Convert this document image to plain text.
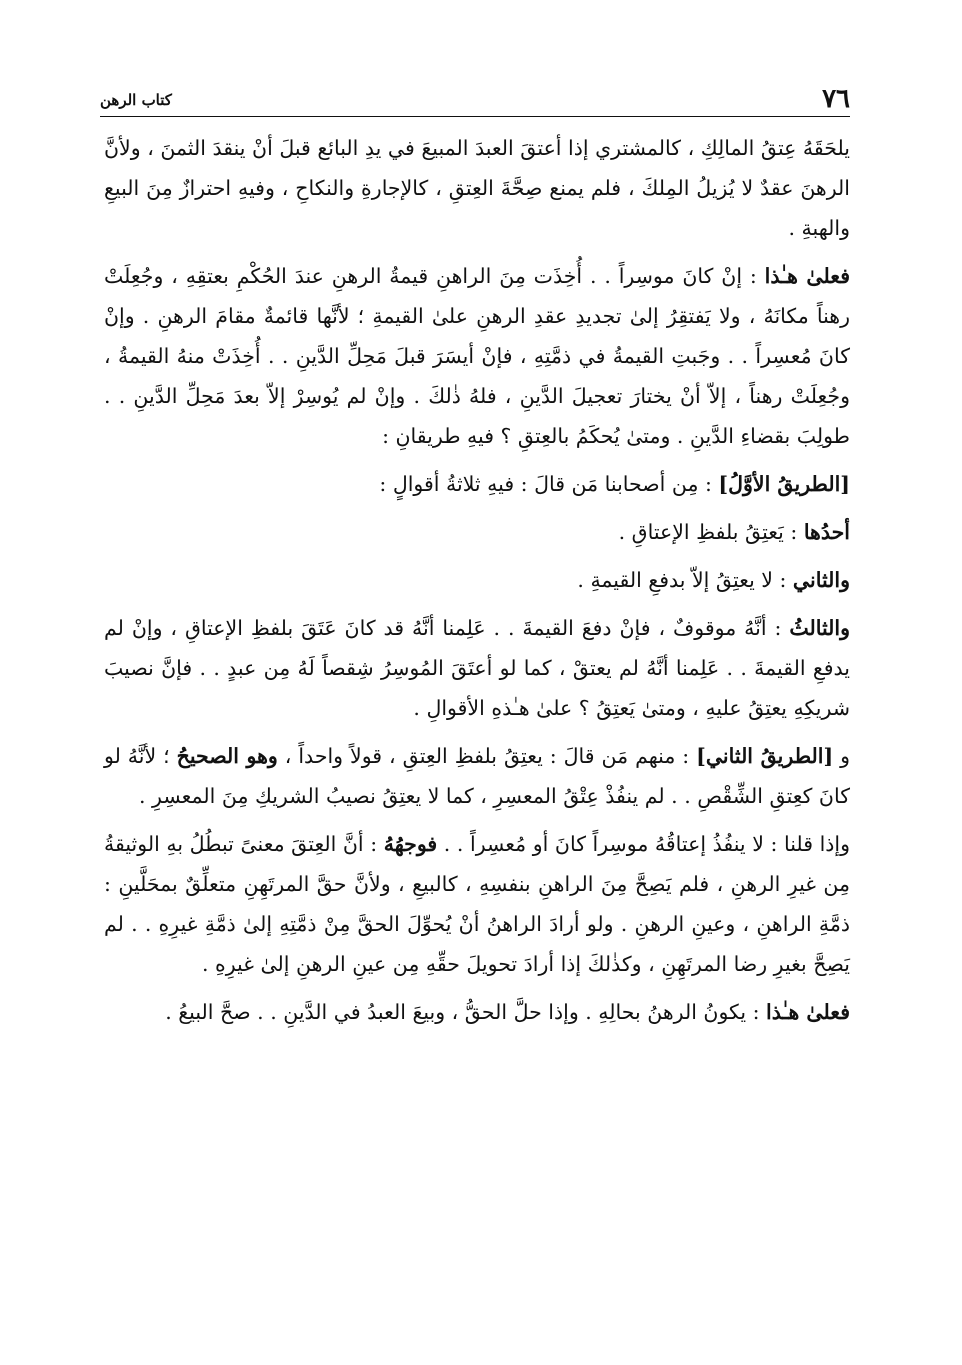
٧٦
كتاب الرهن

يلحَقَهُ عِتقُ المالِكِ ، كالمشتري إذا أعتقَ العبدَ المبيعَ في يدِ البائع قبلَ أنْ ينقدَ الثمنَ ، ولأنَّ الرهنَ عقدٌ لا يُزيلُ المِلكَ ، فلم يمنع صِحَّةَ العِتقِ ، كالإجارةِ والنكاحِ ، وفيهِ احترازٌ مِنَ البيعِ والهبةِ .

فعلىٰ هـٰذا : إنْ كانَ موسِراً . . أُخِذَت مِنَ الراهنِ قيمةُ الرهنِ عندَ الحُكْمِ بعتقِهِ ، وجُعِلَتْ رهناً مكانَهُ ، ولا يَفتقِرُ إلىٰ تجديدِ عقدِ الرهنِ علىٰ القيمةِ ؛ لأنَّها قائمةٌ مقامَ الرهنِ . وإنْ كانَ مُعسِراً . . وجَبتِ القيمةُ في ذمَّتِهِ ، فإنْ أيسَرَ قبلَ مَحِلِّ الدَّينِ . . أُخِذَتْ منهُ القيمةُ ، وجُعِلَتْ رهناً ، إلاّ أنْ يختارَ تعجيلَ الدَّينِ ، فلهُ ذٰلكَ . وإنْ لم يُوسِرْ إلاّ بعدَ مَحِلِّ الدَّينِ . . طولِبَ بقضاءِ الدَّينِ . ومتىٰ يُحكَمُ بالعِتقِ ؟ فيهِ طريقانِ :

[الطريقُ الأوَّلُ] : مِن أصحابنا مَن قالَ : فيهِ ثلاثةُ أقوالٍ :

أحدُها : يَعتِقُ بلفظِ الإعتاقِ .

والثاني : لا يعتِقُ إلاّ بدفعِ القيمةِ .

والثالثُ : أنَّهُ موقوفٌ ، فإنْ دفعَ القيمةَ . . عَلِمنا أنَّهُ قد كانَ عَتَقَ بلفظِ الإعتاقِ ، وإنْ لم يدفعِ القيمةَ . . عَلِمنا أنَّهُ لم يعتقْ ، كما لو أعتَقَ المُوسِرُ شِقصاً لَهُ مِن عبدٍ . . فإنَّ نصيبَ شريكِهِ يعتِقُ عليهِ ، ومتىٰ يَعتِقُ ؟ علىٰ هـٰذهِ الأقوالِ .

و [الطريقُ الثاني] : منهم مَن قالَ : يعتِقُ بلفظِ العِتقِ ، قولاً واحداً ، وهو الصحيحُ ؛ لأنَّهُ لو كانَ كعِتقِ الشِّقْصِ . . لم ينفُذْ عِتْقُ المعسِرِ ، كما لا يعتِقُ نصيبُ الشريكِ مِنَ المعسِرِ .

وإذا قلنا : لا ينفُذُ إعتاقُهُ موسِراً كانَ أو مُعسِراً . . فوجهُهُ : أنَّ العِتقَ معنىً تبطُلُ بهِ الوثيقةُ مِن غيرِ الرهنِ ، فلم يَصِحَّ مِنَ الراهنِ بنفسِهِ ، كالبيعِ ، ولأنَّ حقَّ المرتَهِنِ متعلِّقٌ بمحَلَّينِ : ذمَّةِ الراهنِ ، وعينِ الرهنِ . ولو أرادَ الراهنُ أنْ يُحوِّلَ الحقَّ مِنْ ذمَّتِهِ إلىٰ ذمَّةِ غيرِهِ . . لم يَصِحَّ بغيرِ رضا المرتَهِنِ ، وكذٰلكَ إذا أرادَ تحويلَ حقِّهِ مِن عينِ الرهنِ إلىٰ غيرِهِ .

فعلىٰ هـٰذا : يكونُ الرهنُ بحالِهِ . وإذا حلَّ الحقُّ ، وبيعَ العبدُ في الدَّينِ . . صحَّ البيعُ .
